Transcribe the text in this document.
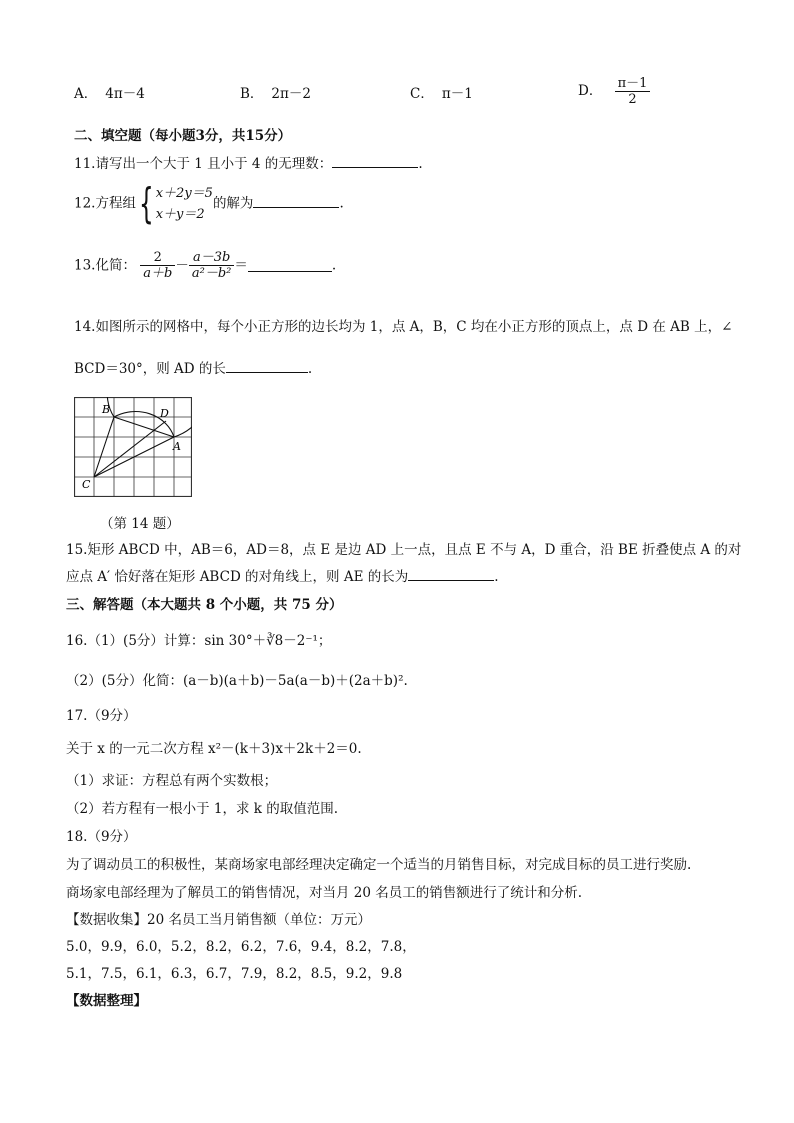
A． 4π－4	B． 2π－2	C． π－1	D． $\frac{\pi-1}{2}$
二、填空题（每小题3分，共15分）
11.请写出一个大于 1 且小于 4 的无理数：	.
12.方程组{ x＋2y＝5
x＋y＝2
的解为	.
13.化简： $\frac{2}{a+b} - \frac{a-3b}{\text{a²－b²}}$ ＝	.
14.如图所示的网格中，每个小正方形的边长均为 1，点 A，B，C 均在小正方形的顶点上，点 D 在 AB 上，∠
BCD＝30°，则 AD 的长	.
B	D
A
C
（第 14 题）
15.矩形 ABCD 中，AB＝6，AD＝8，点 E 是边 AD 上一点，且点 E 不与 A，D 重合，沿 BE 折叠使点 A 的对
应点 A′ 恰好落在矩形 ABCD 的对角线上，则 AE 的长为	.
三、解答题（本大题共 8 个小题，共 75 分）
16.（1）(5分）计算：sin 30°＋∛8－2⁻¹；
（2）(5分）化简：(a－b)(a＋b)－5a(a－b)＋(2a＋b)².
17.（9分）
关于 x 的一元二次方程 x²－(k＋3)x＋2k＋2＝0.
（1）求证：方程总有两个实数根；
（2）若方程有一根小于 1，求 k 的取值范围.
18.（9分）
为了调动员工的积极性，某商场家电部经理决定确定一个适当的月销售目标，对完成目标的员工进行奖励.
商场家电部经理为了解员工的销售情况，对当月 20 名员工的销售额进行了统计和分析.
【数据收集】20 名员工当月销售额（单位：万元）
5.0，9.9，6.0，5.2，8.2，6.2，7.6，9.4，8.2，7.8，
5.1，7.5，6.1，6.3，6.7，7.9，8.2，8.5，9.2，9.8
【数据整理】
